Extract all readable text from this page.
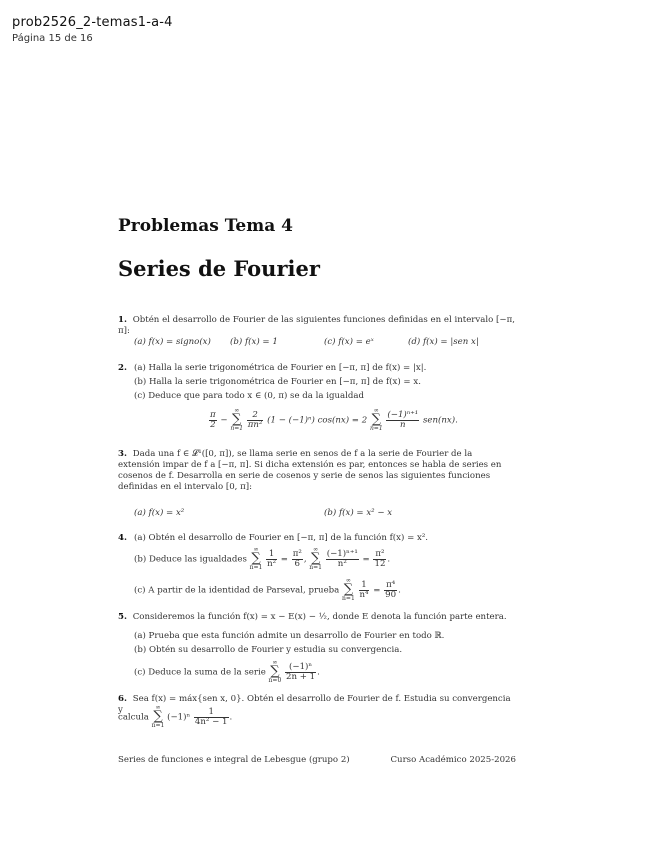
prob2526_2-temas1-a-4
Página 15 de 16
Problemas Tema 4
Series de Fourier
1. Obtén el desarrollo de Fourier de las siguientes funciones definidas en el intervalo [−π, π]:
(a) f(x) = signo(x) (b) f(x) = 1	(c) f(x) = eˣ	(d) f(x) = |sen x|
2. (a) Halla la serie trigonométrica de Fourier en [−π, π] de f(x) = |x|.
(b) Halla la serie trigonométrica de Fourier en [−π, π] de f(x) = x.
(c) Deduce que para todo x ∈ (0, π) se da la igualdad
$\frac{\pi}{2}$ − ∞
∑
$n=1 \frac{2}{\text{πn²}} (1 - (-1)^n) \cos(nx) = 2$ ∞
∑
$n=1 \frac{\text{(−1)ⁿ⁺¹}}{n} sen(nx)$.
3. Dada una f ∈ 𝓛¹([0, π]), se llama serie en senos de f a la serie de Fourier de la extensión impar de f a [−π, π]. Si dicha extensión es par, entonces se habla de series en cosenos de f. Desarrolla en serie de cosenos y serie de senos las siguientes funciones definidas en el intervalo [0, π]:
(a) f(x) = x²	(b) f(x) = x² − x
4. (a) Obtén el desarrollo de Fourier en [−π, π] de la función f(x) = x².
(b) Deduce las igualdades ∞
∑
$n=1 \frac{1}{\text{n²}} = \frac{\text{π²}}{6}$ , ∞
∑
$n=1 \frac{\text{(−1)ⁿ⁺¹}}{\text{n²}} = \frac{\text{π²}}{12}$ .
(c) A partir de la identidad de Parseval, prueba ∞
∑
$n=1 \frac{1}{\text{n⁴}} = \frac{\text{π⁴}}{90}$ .
5. Consideremos la función f(x) = x − E(x) − ½, donde E denota la función parte entera.
(a) Prueba que esta función admite un desarrollo de Fourier en todo ℝ.
(b) Obtén su desarrollo de Fourier y estudia su convergencia.
(c) Deduce la suma de la serie ∞
∑
$n=0 \frac{\text{(−1)ⁿ}}{2n + 1}$ .
6. Sea f(x) = máx{sen x, 0}. Obtén el desarrollo de Fourier de f. Estudia su convergencia y
calcula ∞
∑
n=1 $(-1)^n \frac{1}{\text{4n² − 1}}$ .
Series de funciones e integral de Lebesgue (grupo 2)	Curso Académico 2025-2026
